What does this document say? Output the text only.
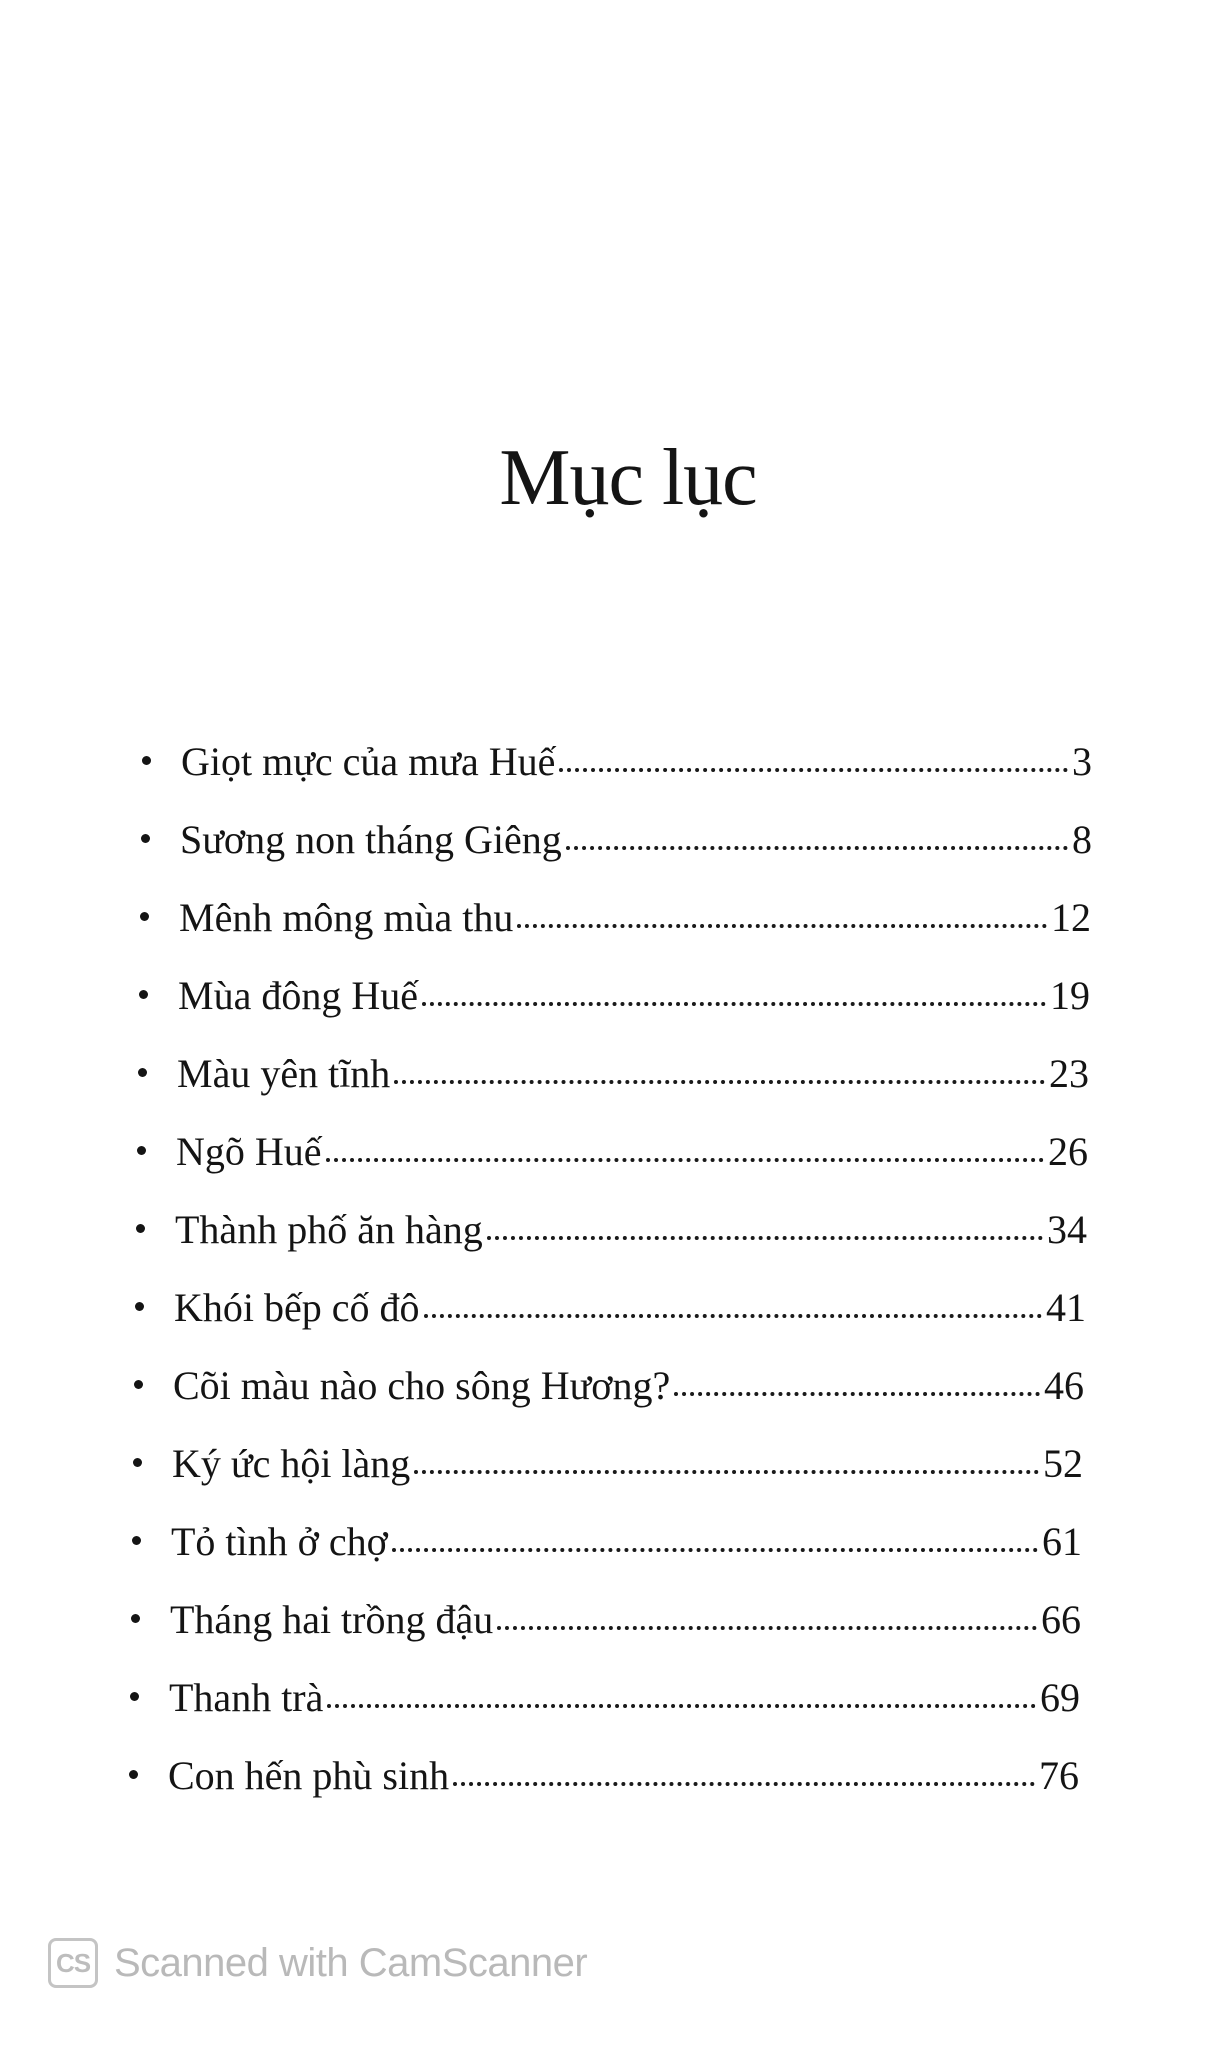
Mục lục
Giọt mực của mưa Huế	3
Sương non tháng Giêng	8
Mênh mông mùa thu	12
Mùa đông Huế	19
Màu yên tĩnh	23
Ngõ Huế	26
Thành phố ăn hàng	34
Khói bếp cố đô	41
Cõi màu nào cho sông Hương?	46
Ký ức hội làng	52
Tỏ tình ở chợ	61
Tháng hai trồng đậu	66
Thanh trà	69
Con hến phù sinh	76
CS Scanned with CamScanner
